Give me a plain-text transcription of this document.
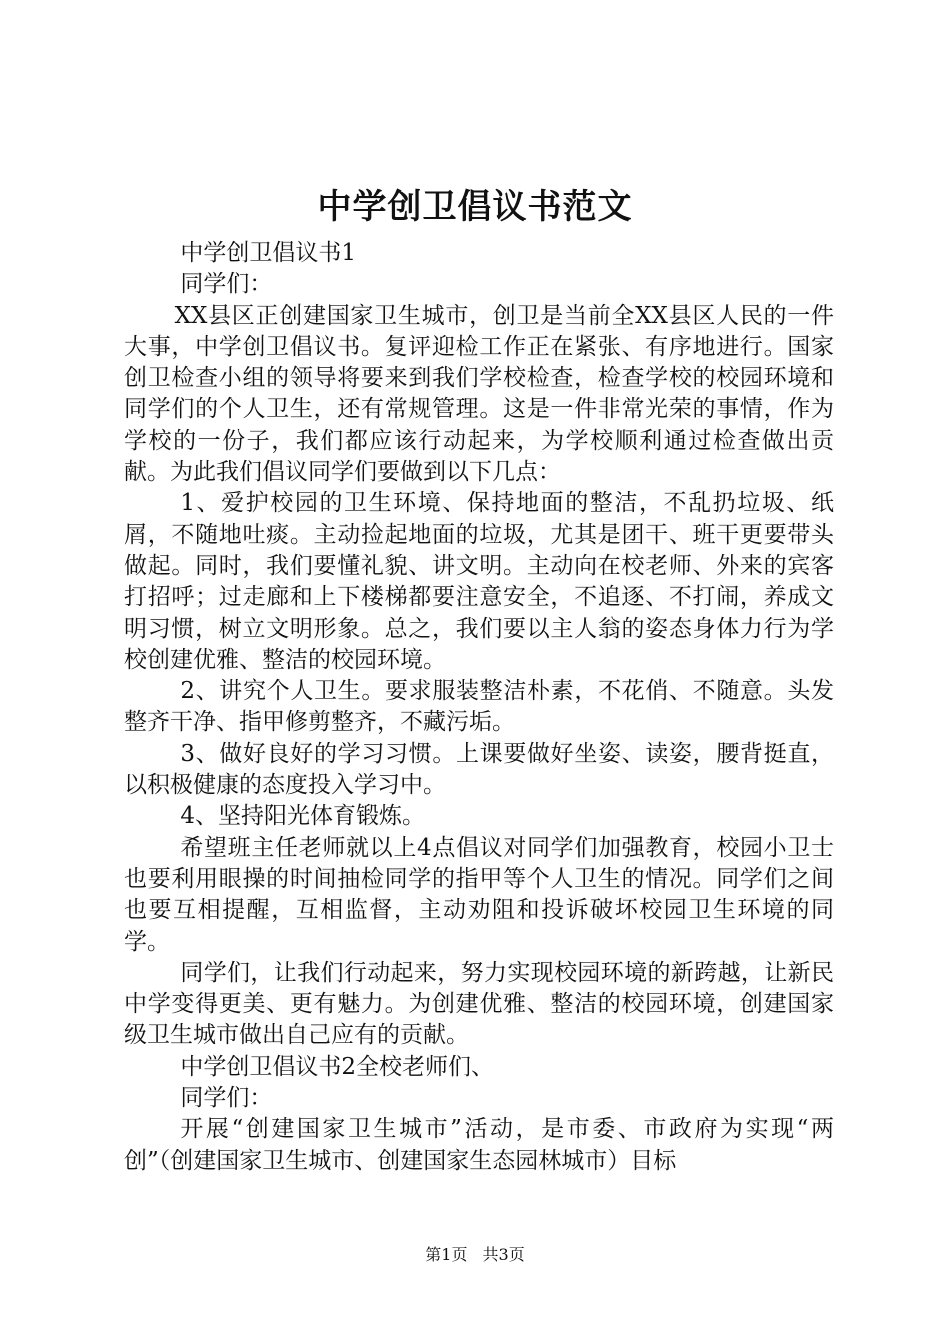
中学创卫倡议书范文

中学创卫倡议书1

同学们：

XX县区正创建国家卫生城市，创卫是当前全XX县区人民的一件大事，中学创卫倡议书。复评迎检工作正在紧张、有序地进行。国家创卫检查小组的领导将要来到我们学校检查，检查学校的校园环境和同学们的个人卫生，还有常规管理。这是一件非常光荣的事情，作为学校的一份子，我们都应该行动起来，为学校顺利通过检查做出贡献。为此我们倡议同学们要做到以下几点：

1、爱护校园的卫生环境、保持地面的整洁，不乱扔垃圾、纸屑，不随地吐痰。主动捡起地面的垃圾，尤其是团干、班干更要带头做起。同时，我们要懂礼貌、讲文明。主动向在校老师、外来的宾客打招呼；过走廊和上下楼梯都要注意安全，不追逐、不打闹，养成文明习惯，树立文明形象。总之，我们要以主人翁的姿态身体力行为学校创建优雅、整洁的校园环境。

2、讲究个人卫生。要求服装整洁朴素，不花俏、不随意。头发整齐干净、指甲修剪整齐，不藏污垢。

3、做好良好的学习习惯。上课要做好坐姿、读姿，腰背挺直，以积极健康的态度投入学习中。

4、坚持阳光体育锻炼。

希望班主任老师就以上4点倡议对同学们加强教育，校园小卫士也要利用眼操的时间抽检同学的指甲等个人卫生的情况。同学们之间也要互相提醒，互相监督，主动劝阻和投诉破坏校园卫生环境的同学。

同学们，让我们行动起来，努力实现校园环境的新跨越，让新民中学变得更美、更有魅力。为创建优雅、整洁的校园环境，创建国家级卫生城市做出自己应有的贡献。

中学创卫倡议书2全校老师们、

同学们：

开展“创建国家卫生城市”活动，是市委、市政府为实现“两创”（创建国家卫生城市、创建国家生态园林城市）目标

第1页 共3页
